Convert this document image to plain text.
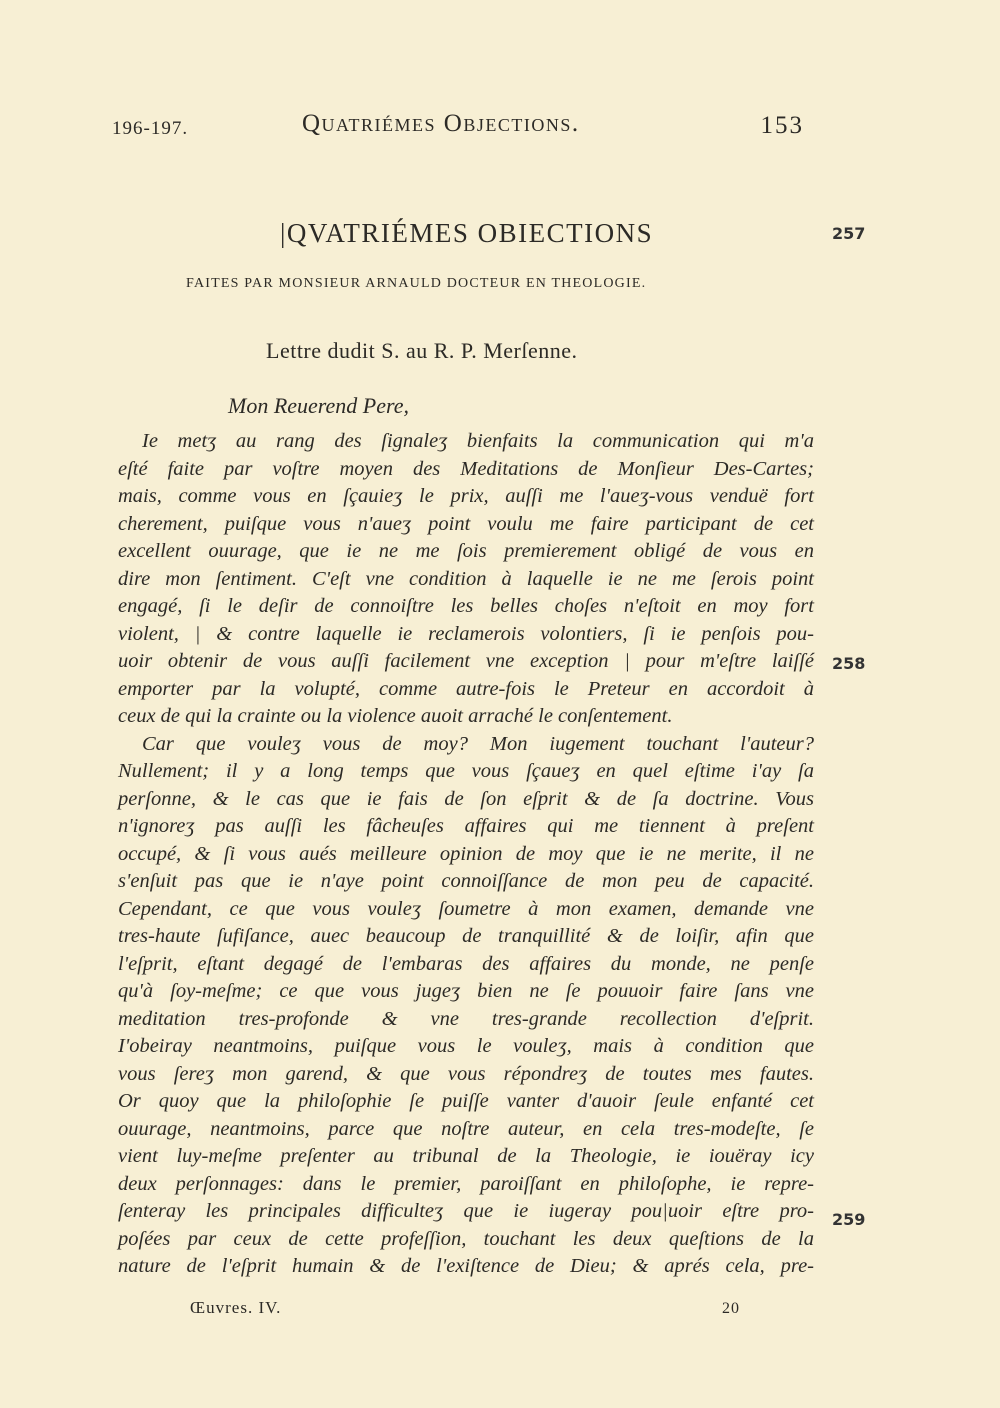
196-197.	Quatriémes Objections.	153
|QVATRIÉMES OBIECTIONS	257
FAITES PAR MONSIEUR ARNAULD DOCTEUR EN THEOLOGIE.
Lettre dudit S. au R. P. Merſenne.
Mon Reuerend Pere,
Ie metʒ au rang des ſignaleʒ bienfaits la communication qui m'a
eſté faite par voſtre moyen des Meditations de Monſieur Des-Cartes;
mais, comme vous en ſçauieʒ le prix, auſſi me l'aueʒ-vous venduë fort
cherement, puiſque vous n'aueʒ point voulu me faire participant de cet
excellent ouurage, que ie ne me ſois premierement obligé de vous en
dire mon ſentiment. C'eſt vne condition à laquelle ie ne me ſerois point
engagé, ſi le deſir de connoiſtre les belles choſes n'eſtoit en moy fort
violent, | & contre laquelle ie reclamerois volontiers, ſi ie penſois pou-
uoir obtenir de vous auſſi facilement vne exception | pour m'eſtre laiſſé
emporter par la volupté, comme autre-fois le Preteur en accordoit à
ceux de qui la crainte ou la violence auoit arraché le conſentement.
Car que vouleʒ vous de moy? Mon iugement touchant l'auteur?
Nullement; il y a long temps que vous ſçaueʒ en quel eſtime i'ay ſa
perſonne, & le cas que ie fais de ſon eſprit & de ſa doctrine. Vous
n'ignoreʒ pas auſſi les fâcheuſes affaires qui me tiennent à preſent
occupé, & ſi vous aués meilleure opinion de moy que ie ne merite, il ne
s'enſuit pas que ie n'aye point connoiſſance de mon peu de capacité.
Cependant, ce que vous vouleʒ ſoumetre à mon examen, demande vne
tres-haute ſufiſance, auec beaucoup de tranquillité & de loiſir, afin que
l'eſprit, eſtant degagé de l'embaras des affaires du monde, ne penſe
qu'à ſoy-meſme; ce que vous jugeʒ bien ne ſe pouuoir faire ſans vne
meditation tres-profonde & vne tres-grande recollection d'eſprit.
I'obeiray neantmoins, puiſque vous le vouleʒ, mais à condition que
vous ſereʒ mon garend, & que vous répondreʒ de toutes mes fautes.
Or quoy que la philoſophie ſe puiſſe vanter d'auoir ſeule enfanté cet
ouurage, neantmoins, parce que noſtre auteur, en cela tres-modeſte, ſe
vient luy-meſme preſenter au tribunal de la Theologie, ie iouëray icy
deux perſonnages: dans le premier, paroiſſant en philoſophe, ie repre-
ſenteray les principales difficulteʒ que ie iugeray pou|uoir eſtre pro-
poſées par ceux de cette profeſſion, touchant les deux queſtions de la
nature de l'eſprit humain & de l'exiſtence de Dieu; & aprés cela, pre-
258
259
Œuvres. IV.	20
